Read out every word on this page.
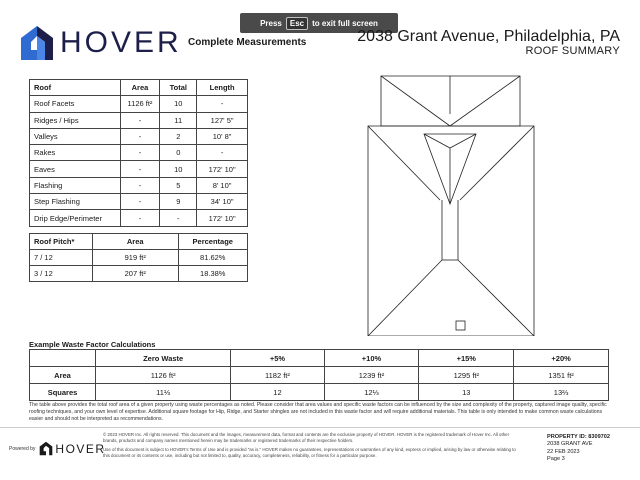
Press	Esc	to exit full screen
HOVER Complete Measurements	2038 Grant Avenue, Philadelphia, PA
ROOF SUMMARY
Roof	Area	Total	Length
Roof Facets	1126 ft²	10	-
Ridges / Hips	-	11	127' 5"
Valleys	-	2	10' 8"
Rakes	-	0	-
Eaves	-	10	172' 10"
Flashing	-	5	8' 10"
Step Flashing	-	9	34' 10"
Drip Edge/Perimeter	-	-	172' 10"
Roof Pitch*	Area	Percentage
7 / 12	919 ft²	81.62%
3 / 12	207 ft²	18.38%
Example Waste Factor Calculations
	Zero Waste	+5%	+10%	+15%	+20%
Area	1126 ft²	1182 ft²	1239 ft²	1295 ft²	1351 ft²
Squares	11⅓	12	12⅓	13	13⅔
The table above provides the total roof area of a given property using waste percentages as noted. Please consider that area values and specific waste factors can be influenced by the size and complexity of the property, captured image quality, specific roofing techniques, and your own level of expertise. Additional square footage for Hip, Ridge, and Starter shingles are not included in this waste factor and will require additional materials. This table is only intended to make common waste calculations easier and should not be interpreted as recommendations.
Powered by HOVER

© 2023 HOVER Inc. All rights reserved. This document and the images, measurement data, format and contents are the exclusive property of HOVER. HOVER is the registered trademark of Hover Inc. All other brands, products and company names mentioned herein may be trademarks or registered trademarks of their respective holders.

Use of this document is subject to HOVER's Terms of Use and is provided "as is." HOVER makes no guarantees, representations or warranties of any kind, express or implied, arising by law or otherwise relating to this document or its contents or use, including but not limited to, quality, accuracy, completeness, reliability, or fitness for a particular purpose.

PROPERTY ID: 8309702
2038 GRANT AVE
22 FEB 2023
Page 3
